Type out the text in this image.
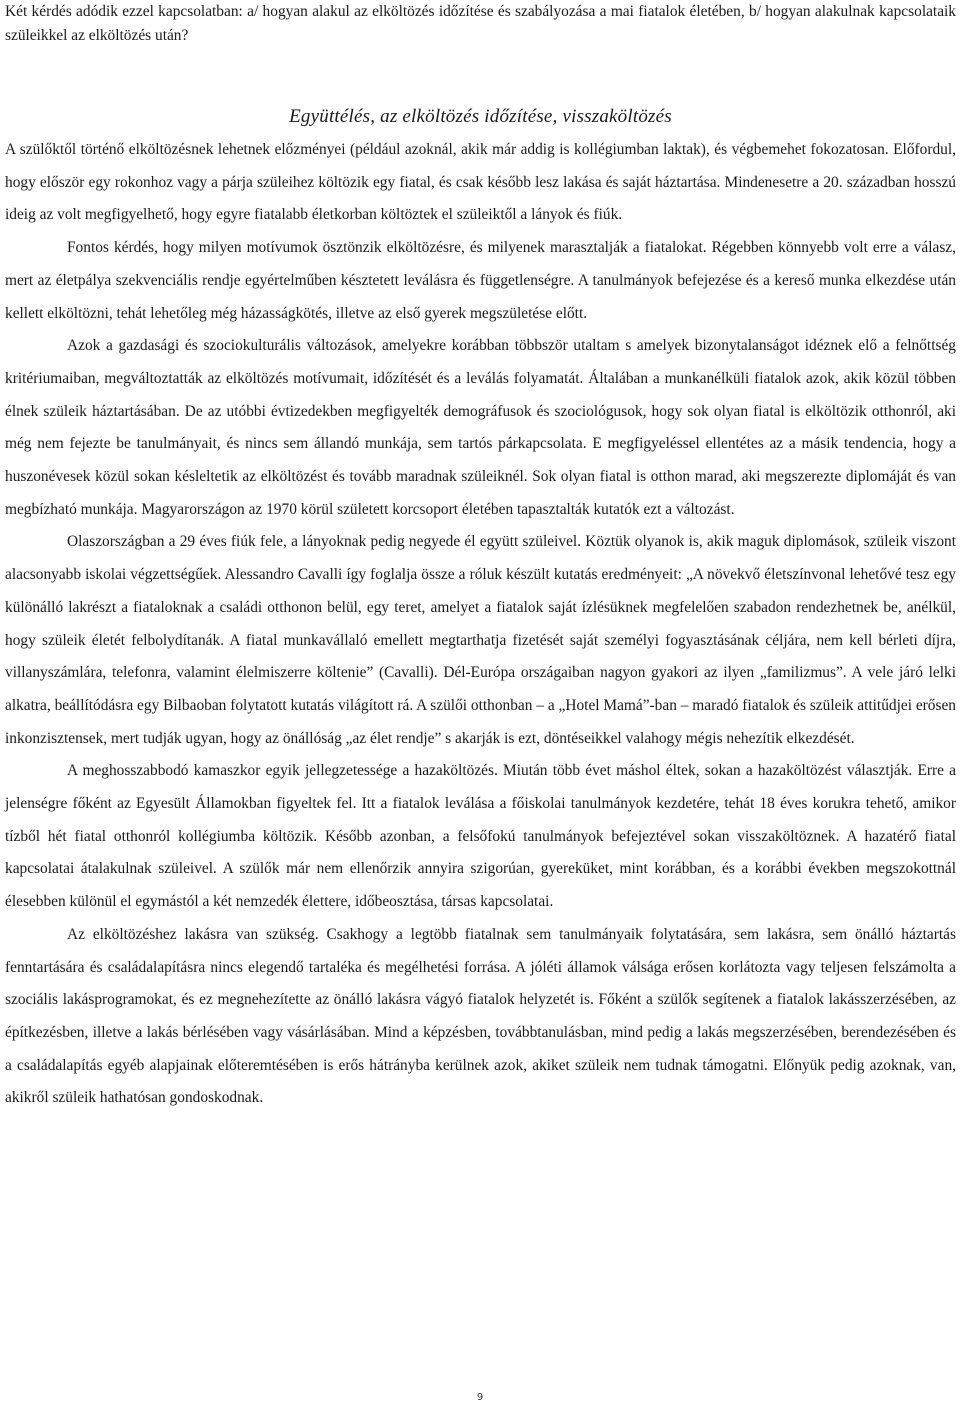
Két kérdés adódik ezzel kapcsolatban: a/ hogyan alakul az elköltözés időzítése és szabályozása a mai fiatalok életében, b/ hogyan alakulnak kapcsolataik szüleikkel az elköltözés után?

Együttélés, az elköltözés időzítése, visszaköltözés

A szülőktől történő elköltözésnek lehetnek előzményei (például azoknál, akik már addig is kollégiumban laktak), és végbemehet fokozatosan. Előfordul, hogy először egy rokonhoz vagy a párja szüleihez költözik egy fiatal, és csak később lesz lakása és saját háztartása. Mindenesetre a 20. században hosszú ideig az volt megfigyelhető, hogy egyre fiatalabb életkorban költöztek el szüleiktől a lányok és fiúk.

Fontos kérdés, hogy milyen motívumok ösztönzik elköltözésre, és milyenek marasztalják a fiatalokat. Régebben könnyebb volt erre a válasz, mert az életpálya szekvenciális rendje egyértelműben késztetett leválásra és függetlenségre. A tanulmányok befejezése és a kereső munka elkezdése után kellett elköltözni, tehát lehetőleg még házasságkötés, illetve az első gyerek megszületése előtt.

Azok a gazdasági és szociokulturális változások, amelyekre korábban többször utaltam s amelyek bizonytalanságot idéznek elő a felnőttség kritériumaiban, megváltoztatták az elköltözés motívumait, időzítését és a leválás folyamatát. Általában a munkanélküli fiatalok azok, akik közül többen élnek szüleik háztartásában. De az utóbbi évtizedekben megfigyelték demográfusok és szociológusok, hogy sok olyan fiatal is elköltözik otthonról, aki még nem fejezte be tanulmányait, és nincs sem állandó munkája, sem tartós párkapcsolata. E megfigyeléssel ellentétes az a másik tendencia, hogy a huszonévesek közül sokan késleltetik az elköltözést és tovább maradnak szüleiknél. Sok olyan fiatal is otthon marad, aki megszerezte diplomáját és van megbízható munkája. Magyarországon az 1970 körül született korcsoport életében tapasztalták kutatók ezt a változást.

Olaszországban a 29 éves fiúk fele, a lányoknak pedig negyede él együtt szüleivel. Köztük olyanok is, akik maguk diplomások, szüleik viszont alacsonyabb iskolai végzettségűek. Alessandro Cavalli így foglalja össze a róluk készült kutatás eredményeit: „A növekvő életszínvonal lehetővé tesz egy különálló lakrészt a fiataloknak a családi otthonon belül, egy teret, amelyet a fiatalok saját ízlésüknek megfelelően szabadon rendezhetnek be, anélkül, hogy szüleik életét felbolydítanák. A fiatal munkavállaló emellett megtarthatja fizetését saját személyi fogyasztásának céljára, nem kell bérleti díjra, villanyszámlára, telefonra, valamint élelmiszerre költenie” (Cavalli). Dél-Európa országaiban nagyon gyakori az ilyen „familizmus”. A vele járó lelki alkatra, beállítódásra egy Bilbaoban folytatott kutatás világított rá. A szülői otthonban – a „Hotel Mamá”-ban – maradó fiatalok és szüleik attitűdjei erősen inkonzisztensek, mert tudják ugyan, hogy az önállóság „az élet rendje” s akarják is ezt, döntéseikkel valahogy mégis nehezítik elkezdését.

A meghosszabbodó kamaszkor egyik jellegzetessége a hazaköltözés. Miután több évet máshol éltek, sokan a hazaköltözést választják. Erre a jelenségre főként az Egyesült Államokban figyeltek fel. Itt a fiatalok leválása a főiskolai tanulmányok kezdetére, tehát 18 éves korukra tehető, amikor tízből hét fiatal otthonról kollégiumba költözik. Később azonban, a felsőfokú tanulmányok befejeztével sokan visszaköltöznek. A hazatérő fiatal kapcsolatai átalakulnak szüleivel. A szülők már nem ellenőrzik annyira szigorúan, gyereküket, mint korábban, és a korábbi években megszokottnál élesebben különül el egymástól a két nemzedék élettere, időbeosztása, társas kapcsolatai.

Az elköltözéshez lakásra van szükség. Csakhogy a legtöbb fiatalnak sem tanulmányaik folytatására, sem lakásra, sem önálló háztartás fenntartására és családalapításra nincs elegendő tartaléka és megélhetési forrása. A jóléti államok válsága erősen korlátozta vagy teljesen felszámolta a szociális lakásprogramokat, és ez megnehezítette az önálló lakásra vágyó fiatalok helyzetét is. Főként a szülők segítenek a fiatalok lakásszerzésében, az építkezésben, illetve a lakás bérlésében vagy vásárlásában. Mind a képzésben, továbbtanulásban, mind pedig a lakás megszerzésében, berendezésében és a családalapítás egyéb alapjainak előteremtésében is erős hátrányba kerülnek azok, akiket szüleik nem tudnak támogatni. Előnyük pedig azoknak, van, akikről szüleik hathatósan gondoskodnak.

9
